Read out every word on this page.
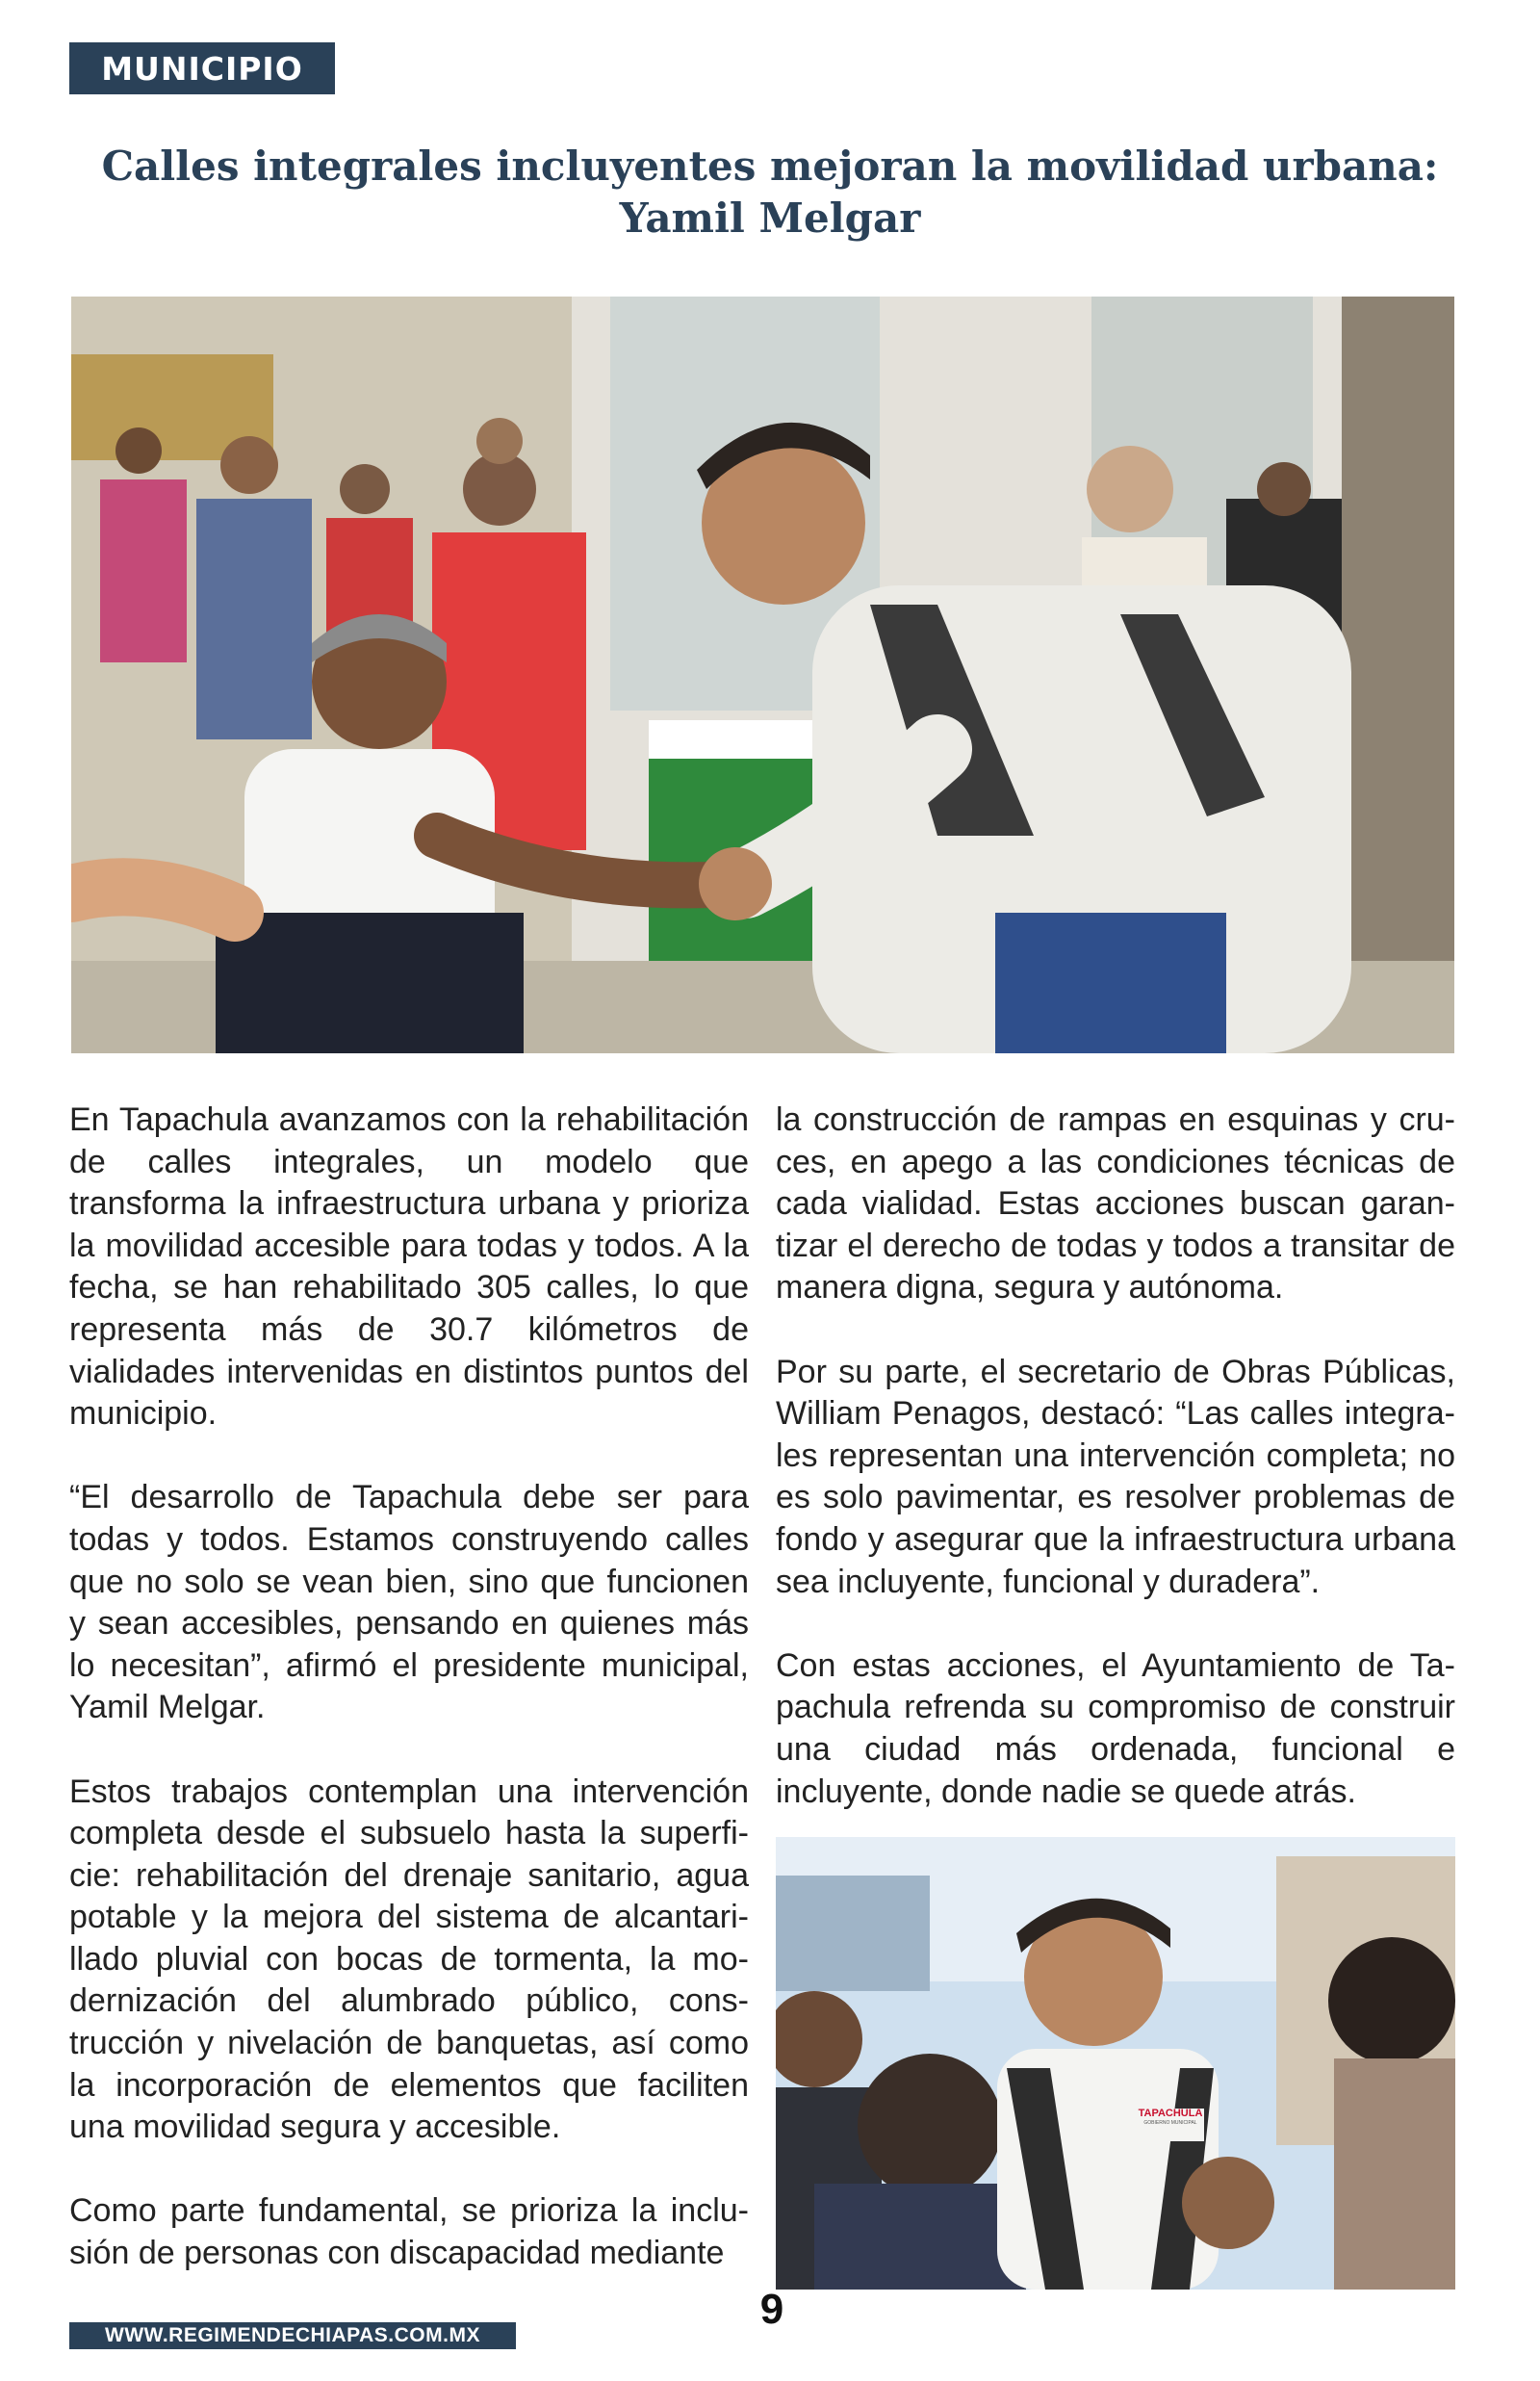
MUNICIPIO
Calles integrales incluyentes mejoran la movilidad urbana:
Yamil Melgar

En Tapachula avanzamos con la rehabilitación de calles integrales, un modelo que transforma la infraestructura urbana y prioriza la movilidad accesible para todas y todos. A la fecha, se han rehabilitado 305 calles, lo que representa más de 30.7 kilómetros de vialidades intervenidas en distintos puntos del municipio.

“El desarrollo de Tapachula debe ser para todas y todos. Estamos construyendo calles que no solo se vean bien, sino que funcionen y sean accesibles, pensando en quienes más lo necesitan”, afirmó el presidente municipal, Yamil Melgar.

Estos trabajos contemplan una intervención completa desde el subsuelo hasta la superficie: rehabilitación del drenaje sanitario, agua potable y la mejora del sistema de alcantarillado pluvial con bocas de tormenta, la modernización del alumbrado público, construcción y nivelación de banquetas, así como la incorporación de elementos que faciliten una movilidad segura y accesible.

Como parte fundamental, se prioriza la inclusión de personas con discapacidad mediante

la construcción de rampas en esquinas y cruces, en apego a las condiciones técnicas de cada vialidad. Estas acciones buscan garantizar el derecho de todas y todos a transitar de manera digna, segura y autónoma.

Por su parte, el secretario de Obras Públicas, William Penagos, destacó: “Las calles integrales representan una intervención completa; no es solo pavimentar, es resolver problemas de fondo y asegurar que la infraestructura urbana sea incluyente, funcional y duradera”.

Con estas acciones, el Ayuntamiento de Tapachula refrenda su compromiso de construir una ciudad más ordenada, funcional e incluyente, donde nadie se quede atrás.

TAPACHULA
GOBIERNO MUNICIPAL
WWW.REGIMENDECHIAPAS.COM.MX
9
